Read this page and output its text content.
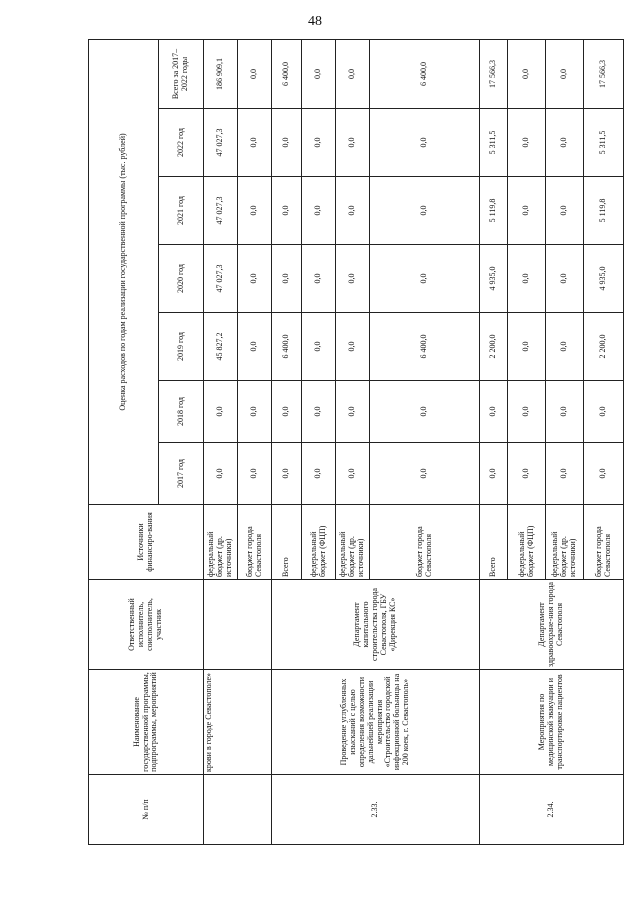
48
№ п/п	Наименование государственной программы, подпрограммы, мероприятий	Ответственный исполнитель, соисполнитель, участник	Источники финансиро-вания	Оценка расходов по годам реализации государственной программы (тыс. рублей)						
				2017 год	2018 год	2019 год	2020 год	2021 год	2022 год	Всего за 2017–2022 годы
	крови в городе Севастополе»		федеральный бюджет (др. источники)	0,0	0,0	45 827,2	47 027,3	47 027,3	47 027,3	186 909,1
			бюджет города Севастополя	0,0	0,0	0,0	0,0	0,0	0,0	0,0
2.33.	Проведение углубленных изысканий с целью определения возможности дальнейшей реализации мероприятия «Строительство городской инфекционной больницы на 200 коек, г. Севастополь»	Департамент капитального строительства города Севастополя, ГБУ «Дирекция КС»	Всего	0,0	0,0	6 400,0	0,0	0,0	0,0	6 400,0
			федеральный бюджет (ФЦП)	0,0	0,0	0,0	0,0	0,0	0,0	0,0
			федеральный бюджет (др. источники)	0,0	0,0	0,0	0,0	0,0	0,0	0,0
			бюджет города Севастополя	0,0	0,0	6 400,0	0,0	0,0	0,0	6 400,0
2.34.	Мероприятия по медицинской эвакуации и транспортировке пациентов	Департамент здравоохране-ния города Севастополя	Всего	0,0	0,0	2 200,0	4 935,0	5 119,8	5 311,5	17 566,3
			федеральный бюджет (ФЦП)	0,0	0,0	0,0	0,0	0,0	0,0	0,0
			федеральный бюджет (др. источники)	0,0	0,0	0,0	0,0	0,0	0,0	0,0
			бюджет города Севастополя	0,0	0,0	2 200,0	4 935,0	5 119,8	5 311,5	17 566,3
